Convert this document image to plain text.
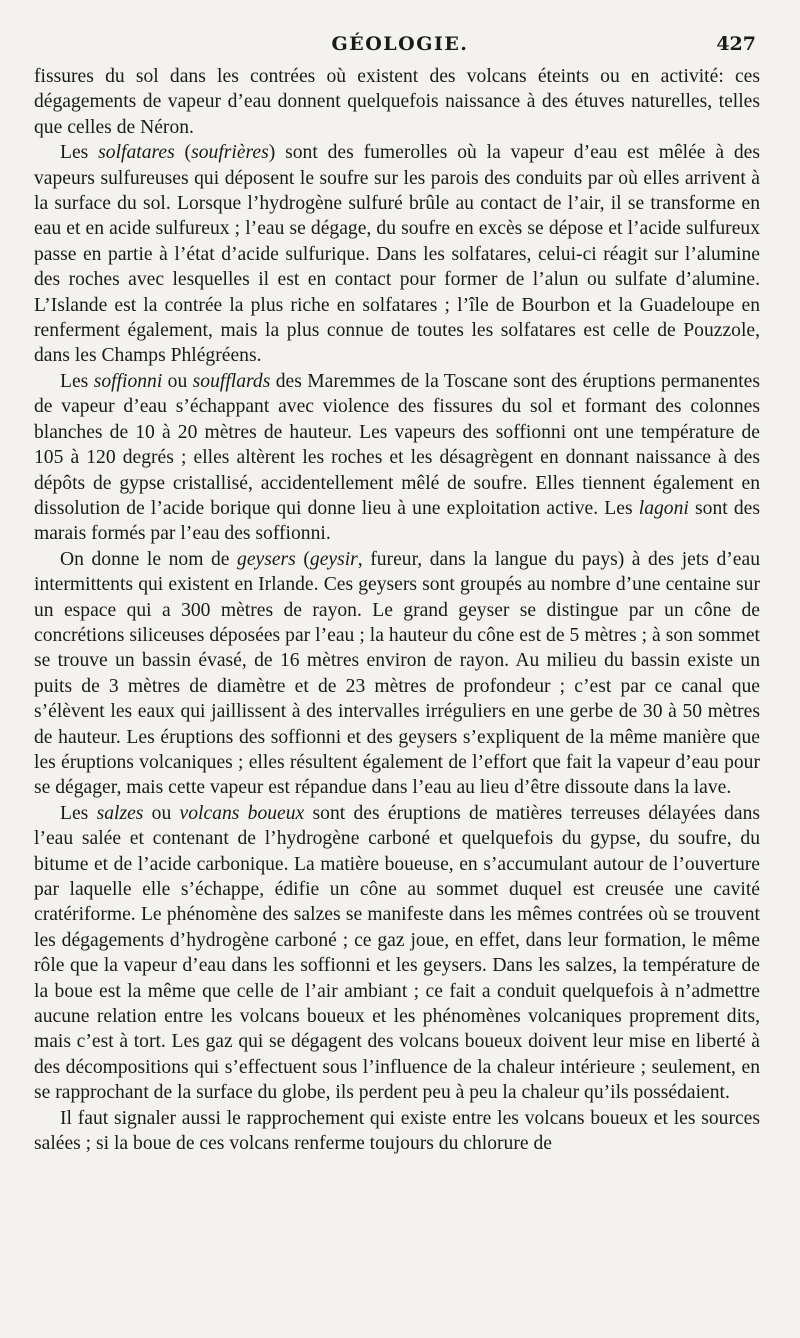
GÉOLOGIE.	427

fissures du sol dans les contrées où existent des volcans éteints ou en activité: ces dégagements de vapeur d’eau donnent quelquefois naissance à des étuves naturelles, telles que celles de Néron.

Les solfatares (soufrières) sont des fumerolles où la vapeur d’eau est mêlée à des vapeurs sulfureuses qui déposent le soufre sur les parois des conduits par où elles arrivent à la surface du sol. Lorsque l’hydrogène sulfuré brûle au contact de l’air, il se transforme en eau et en acide sulfureux ; l’eau se dégage, du soufre en excès se dépose et l’acide sulfureux passe en partie à l’état d’acide sulfurique. Dans les solfatares, celui-ci réagit sur l’alumine des roches avec lesquelles il est en contact pour former de l’alun ou sulfate d’alumine. L’Islande est la contrée la plus riche en solfatares ; l’île de Bourbon et la Guadeloupe en renferment également, mais la plus connue de toutes les solfatares est celle de Pouzzole, dans les Champs Phlégréens.

Les soffionni ou soufflards des Maremmes de la Toscane sont des éruptions permanentes de vapeur d’eau s’échappant avec violence des fissures du sol et formant des colonnes blanches de 10 à 20 mètres de hauteur. Les vapeurs des soffionni ont une température de 105 à 120 degrés ; elles altèrent les roches et les désagrègent en donnant naissance à des dépôts de gypse cristallisé, accidentellement mêlé de soufre. Elles tiennent également en dissolution de l’acide borique qui donne lieu à une exploitation active. Les lagoni sont des marais formés par l’eau des soffionni.

On donne le nom de geysers (geysir, fureur, dans la langue du pays) à des jets d’eau intermittents qui existent en Irlande. Ces geysers sont groupés au nombre d’une centaine sur un espace qui a 300 mètres de rayon. Le grand geyser se distingue par un cône de concrétions siliceuses déposées par l’eau ; la hauteur du cône est de 5 mètres ; à son sommet se trouve un bassin évasé, de 16 mètres environ de rayon. Au milieu du bassin existe un puits de 3 mètres de diamètre et de 23 mètres de profondeur ; c’est par ce canal que s’élèvent les eaux qui jaillissent à des intervalles irréguliers en une gerbe de 30 à 50 mètres de hauteur. Les éruptions des soffionni et des geysers s’expliquent de la même manière que les éruptions volcaniques ; elles résultent également de l’effort que fait la vapeur d’eau pour se dégager, mais cette vapeur est répandue dans l’eau au lieu d’être dissoute dans la lave.

Les salzes ou volcans boueux sont des éruptions de matières terreuses délayées dans l’eau salée et contenant de l’hydrogène carboné et quelquefois du gypse, du soufre, du bitume et de l’acide carbonique. La matière boueuse, en s’accumulant autour de l’ouverture par laquelle elle s’échappe, édifie un cône au sommet duquel est creusée une cavité cratériforme. Le phénomène des salzes se manifeste dans les mêmes contrées où se trouvent les dégagements d’hydrogène carboné ; ce gaz joue, en effet, dans leur formation, le même rôle que la vapeur d’eau dans les soffionni et les geysers. Dans les salzes, la température de la boue est la même que celle de l’air ambiant ; ce fait a conduit quelquefois à n’admettre aucune relation entre les volcans boueux et les phénomènes volcaniques proprement dits, mais c’est à tort. Les gaz qui se dégagent des volcans boueux doivent leur mise en liberté à des décompositions qui s’effectuent sous l’influence de la chaleur intérieure ; seulement, en se rapprochant de la surface du globe, ils perdent peu à peu la chaleur qu’ils possédaient.

Il faut signaler aussi le rapprochement qui existe entre les volcans boueux et les sources salées ; si la boue de ces volcans renferme toujours du chlorure de
